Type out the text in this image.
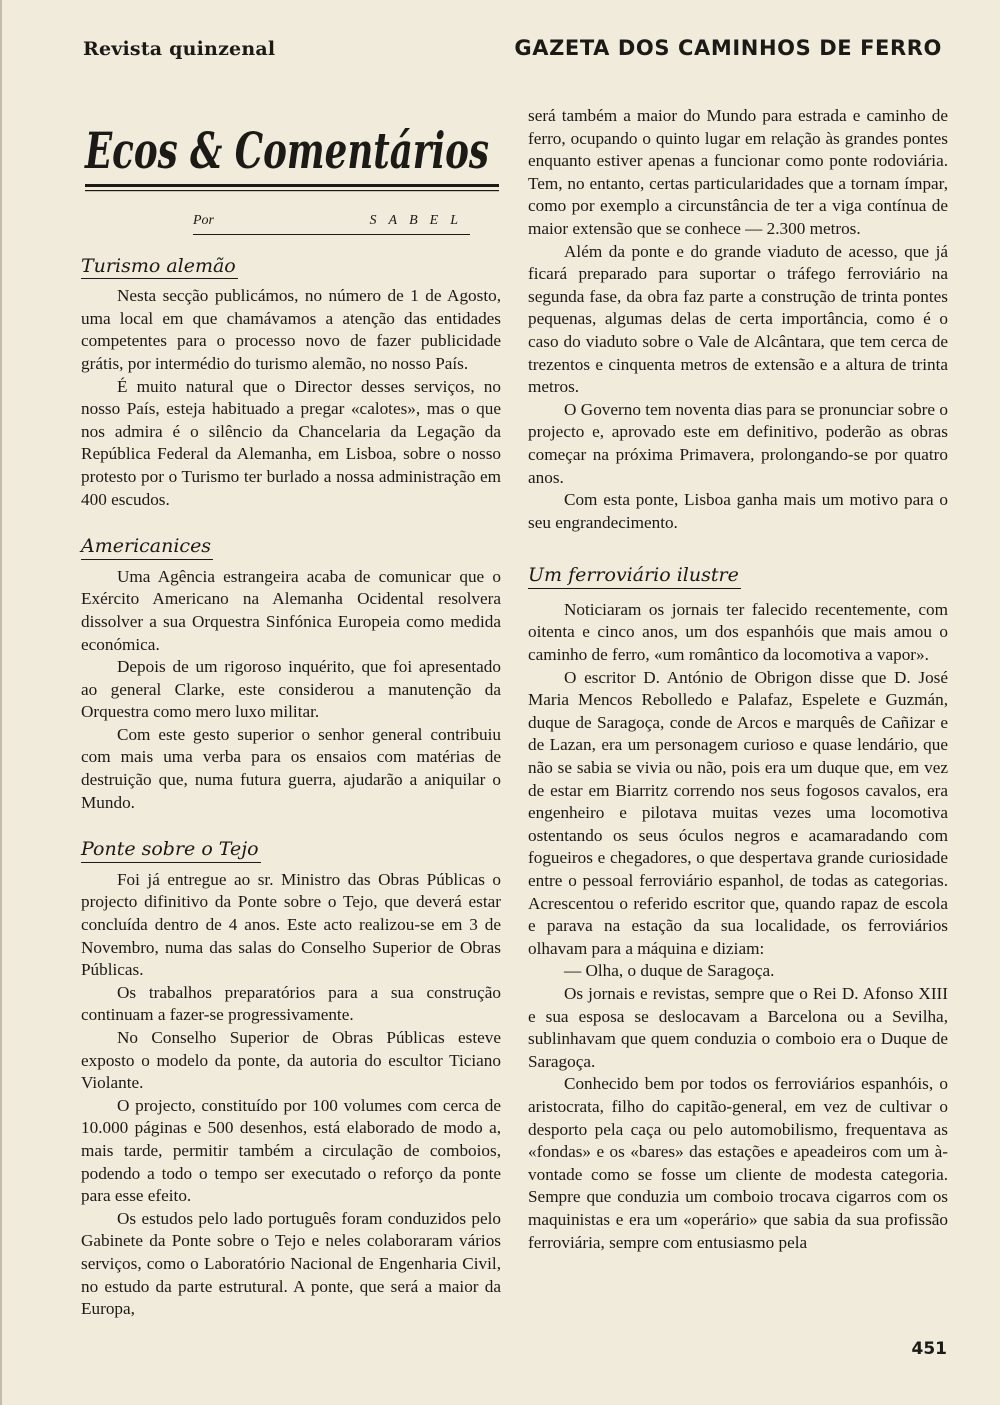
Revista quinzenal	GAZETA DOS CAMINHOS DE FERRO
Ecos & Comentários
Por	SABEL
Turismo alemão

Nesta secção publicámos, no número de 1 de Agosto, uma local em que chamávamos a atenção das entidades competentes para o processo novo de fazer publicidade grátis, por intermédio do turismo alemão, no nosso País.

É muito natural que o Director desses serviços, no nosso País, esteja habituado a pregar «calotes», mas o que nos admira é o silêncio da Chancelaria da Legação da República Federal da Alemanha, em Lisboa, sobre o nosso protesto por o Turismo ter burlado a nossa administração em 400 escudos.

Americanices

Uma Agência estrangeira acaba de comunicar que o Exército Americano na Alemanha Ocidental resolvera dissolver a sua Orquestra Sinfónica Europeia como medida económica.

Depois de um rigoroso inquérito, que foi apresentado ao general Clarke, este considerou a manutenção da Orquestra como mero luxo militar.

Com este gesto superior o senhor general contribuiu com mais uma verba para os ensaios com matérias de destruição que, numa futura guerra, ajudarão a aniquilar o Mundo.

Ponte sobre o Tejo

Foi já entregue ao sr. Ministro das Obras Públicas o projecto difinitivo da Ponte sobre o Tejo, que deverá estar concluída dentro de 4 anos. Este acto realizou-se em 3 de Novembro, numa das salas do Conselho Superior de Obras Públicas.

Os trabalhos preparatórios para a sua construção continuam a fazer-se progressivamente.

No Conselho Superior de Obras Públicas esteve exposto o modelo da ponte, da autoria do escultor Ticiano Violante.

O projecto, constituído por 100 volumes com cerca de 10.000 páginas e 500 desenhos, está elaborado de modo a, mais tarde, permitir também a circulação de comboios, podendo a todo o tempo ser executado o reforço da ponte para esse efeito.

Os estudos pelo lado português foram conduzidos pelo Gabinete da Ponte sobre o Tejo e neles colaboraram vários serviços, como o Laboratório Nacional de Engenharia Civil, no estudo da parte estrutural. A ponte, que será a maior da Europa,

será também a maior do Mundo para estrada e caminho de ferro, ocupando o quinto lugar em relação às grandes pontes enquanto estiver apenas a funcionar como ponte rodoviária. Tem, no entanto, certas particularidades que a tornam ímpar, como por exemplo a circunstância de ter a viga contínua de maior extensão que se conhece — 2.300 metros.

Além da ponte e do grande viaduto de acesso, que já ficará preparado para suportar o tráfego ferroviário na segunda fase, da obra faz parte a construção de trinta pontes pequenas, algumas delas de certa importância, como é o caso do viaduto sobre o Vale de Alcântara, que tem cerca de trezentos e cinquenta metros de extensão e a altura de trinta metros.

O Governo tem noventa dias para se pronunciar sobre o projecto e, aprovado este em definitivo, poderão as obras começar na próxima Primavera, prolongando-se por quatro anos.

Com esta ponte, Lisboa ganha mais um motivo para o seu engrandecimento.

Um ferroviário ilustre

Noticiaram os jornais ter falecido recentemente, com oitenta e cinco anos, um dos espanhóis que mais amou o caminho de ferro, «um romântico da locomotiva a vapor».

O escritor D. António de Obrigon disse que D. José Maria Mencos Rebolledo e Palafaz, Espelete e Guzmán, duque de Saragoça, conde de Arcos e marquês de Cañizar e de Lazan, era um personagem curioso e quase lendário, que não se sabia se vivia ou não, pois era um duque que, em vez de estar em Biarritz correndo nos seus fogosos cavalos, era engenheiro e pilotava muitas vezes uma locomotiva ostentando os seus óculos negros e acamaradando com fogueiros e chegadores, o que despertava grande curiosidade entre o pessoal ferroviário espanhol, de todas as categorias. Acrescentou o referido escritor que, quando rapaz de escola e parava na estação da sua localidade, os ferroviários olhavam para a máquina e diziam:

— Olha, o duque de Saragoça.

Os jornais e revistas, sempre que o Rei D. Afonso XIII e sua esposa se deslocavam a Barcelona ou a Sevilha, sublinhavam que quem conduzia o comboio era o Duque de Saragoça.

Conhecido bem por todos os ferroviários espanhóis, o aristocrata, filho do capitão-general, em vez de cultivar o desporto pela caça ou pelo automobilismo, frequentava as «fondas» e os «bares» das estações e apeadeiros com um à-vontade como se fosse um cliente de modesta categoria. Sempre que conduzia um comboio trocava cigarros com os maquinistas e era um «operário» que sabia da sua profissão ferroviária, sempre com entusiasmo pela

451
